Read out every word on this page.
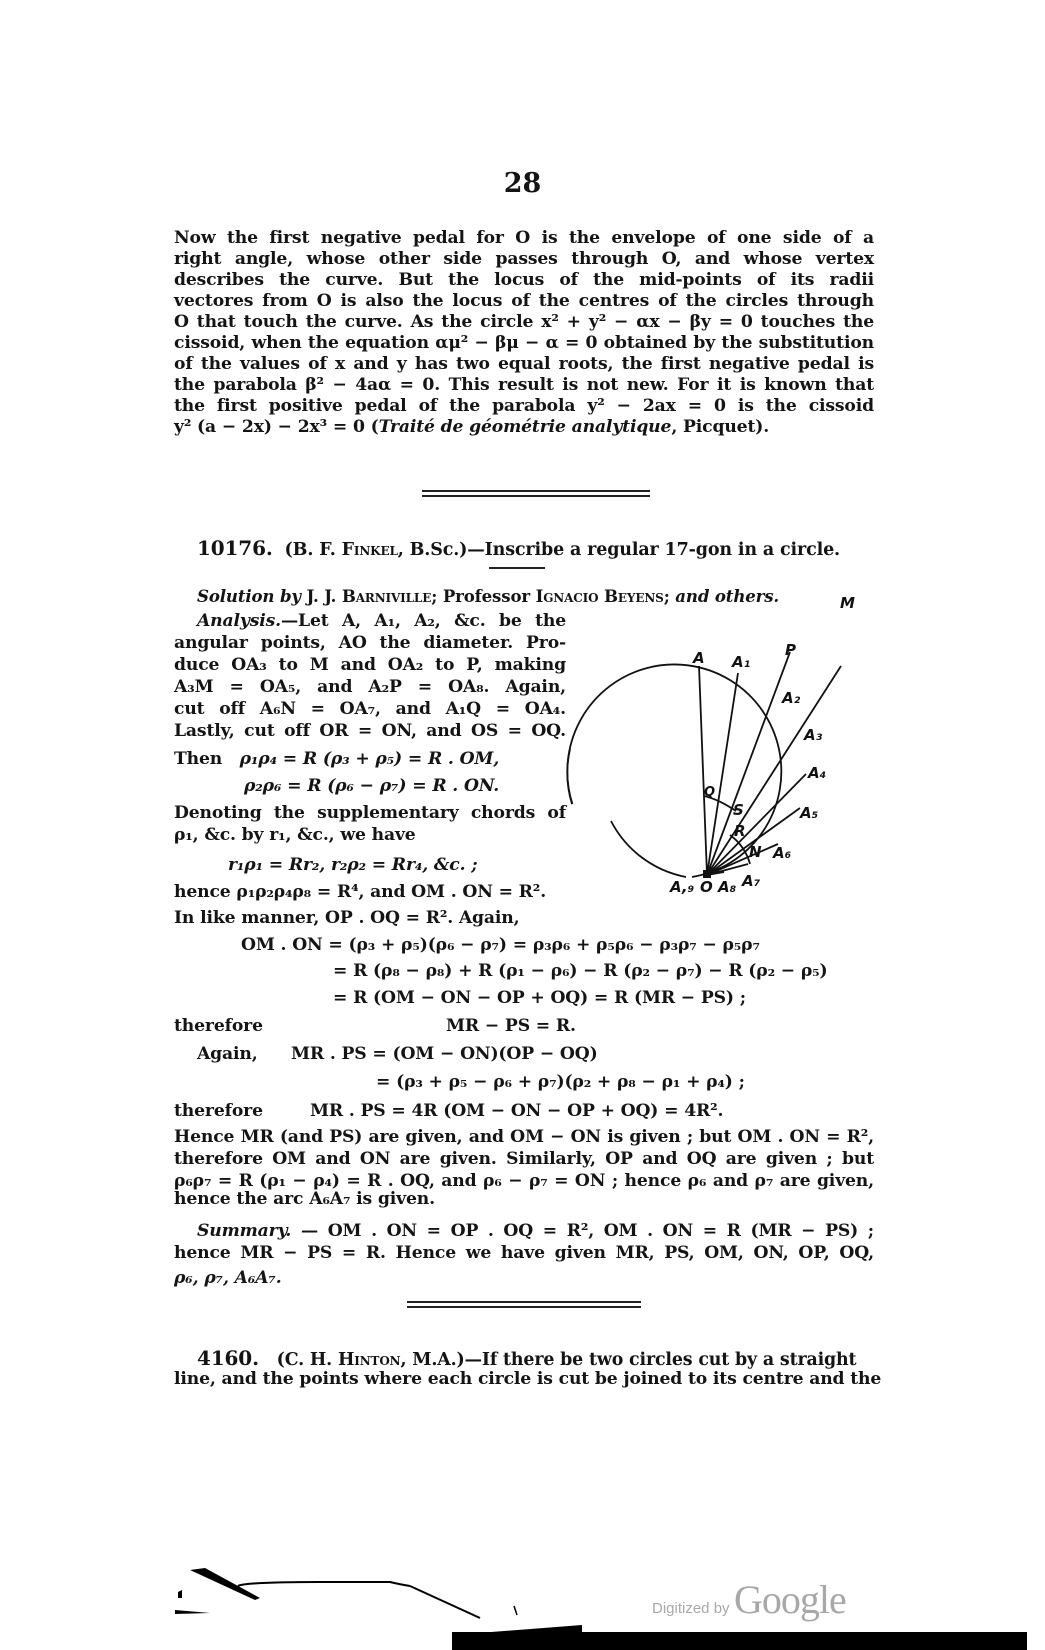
28
Now the first negative pedal for O is the envelope of one side of a
right angle, whose other side passes through O, and whose vertex
describes the curve. But the locus of the mid-points of its radii
vectores from O is also the locus of the centres of the circles through
O that touch the curve. As the circle x² + y² − αx − βy = 0 touches the
cissoid, when the equation αμ² − βμ − α = 0 obtained by the substitution
of the values of x and y has two equal roots, the first negative pedal is
the parabola β² − 4aα = 0. This result is not new. For it is known that
the first positive pedal of the parabola y² − 2ax = 0 is the cissoid
y² (a − 2x) − 2x³ = 0 (Traité de géométrie analytique, Picquet).
10176. (B. F. Finkel, B.Sc.)—Inscribe a regular 17-gon in a circle.
Solution by J. J. Barniville; Professor Ignacio Beyens; and others.
Analysis.—Let A, A₁, A₂, &c. be the
angular points, AO the diameter. Pro-
duce OA₃ to M and OA₂ to P, making
A₃M = OA₅, and A₂P = OA₈. Again,
cut off A₆N = OA₇, and A₁Q = OA₄.
Lastly, cut off OR = ON, and OS = OQ.
Then ρ₁ρ₄ = R (ρ₃ + ρ₅) = R . OM,
ρ₂ρ₆ = R (ρ₆ − ρ₇) = R . ON.
Denoting the supplementary chords of
ρ₁, &c. by r₁, &c., we have
r₁ρ₁ = Rr₂, r₂ρ₂ = Rr₄, &c. ;
hence ρ₁ρ₂ρ₄ρ₈ = R⁴, and OM . ON = R².
In like manner, OP . OQ = R². Again,
OM . ON = (ρ₃ + ρ₅)(ρ₆ − ρ₇) = ρ₃ρ₆ + ρ₅ρ₆ − ρ₃ρ₇ − ρ₅ρ₇
= R (ρ₈ − ρ₈) + R (ρ₁ − ρ₆) − R (ρ₂ − ρ₇) − R (ρ₂ − ρ₅)
= R (OM − ON − OP + OQ) = R (MR − PS) ;
therefore	MR − PS = R.
Again, MR . PS = (OM − ON)(OP − OQ)
= (ρ₃ + ρ₅ − ρ₆ + ρ₇)(ρ₂ + ρ₈ − ρ₁ + ρ₄) ;
therefore	MR . PS = 4R (OM − ON − OP + OQ) = 4R².
Hence MR (and PS) are given, and OM − ON is given ; but OM . ON = R²,
therefore OM and ON are given. Similarly, OP and OQ are given ; but
ρ₆ρ₇ = R (ρ₁ − ρ₄) = R . OQ, and ρ₆ − ρ₇ = ON ; hence ρ₆ and ρ₇ are given,
hence the arc A₆A₇ is given.
Summary. — OM . ON = OP . OQ = R², OM . ON = R (MR − PS) ;
hence MR − PS = R. Hence we have given MR, PS, OM, ON, OP, OQ,
ρ₆, ρ₇, A₆A₇.
4160. (C. H. Hinton, M.A.)—If there be two circles cut by a straight
line, and the points where each circle is cut be joined to its centre and the
A A₁
P
M
A₂
A₃
A₄
A₅
A₆
A₇
A₈
A,₉ O
Q
S
R
N
Digitized by Google
